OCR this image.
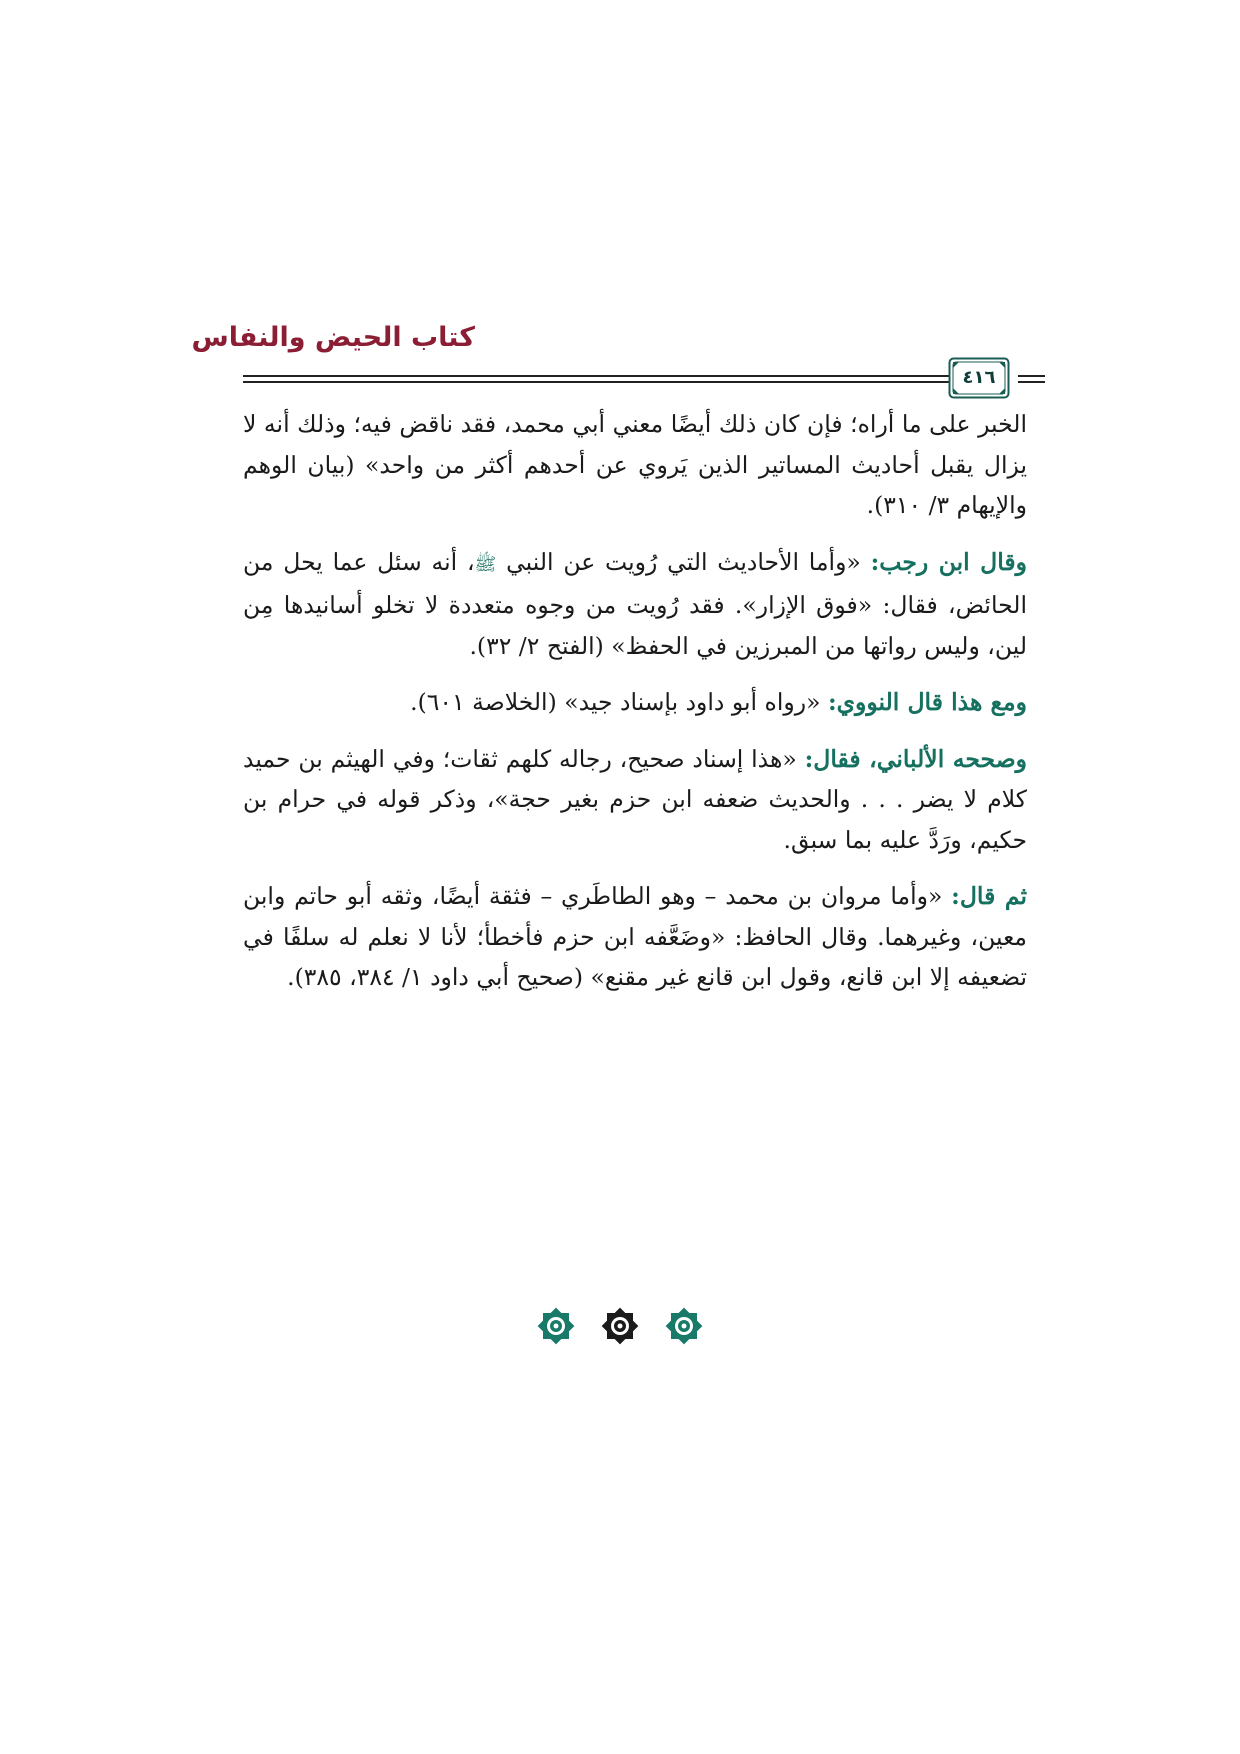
كتاب الحيض والنفاس
٤١٦

الخبر على ما أراه؛ فإن كان ذلك أيضًا معني أبي محمد، فقد ناقض فيه؛ وذلك أنه لا يزال يقبل أحاديث المساتير الذين يَروي عن أحدهم أكثر من واحد» (بيان الوهم والإيهام ٣/ ٣١٠).

وقال ابن رجب: «وأما الأحاديث التي رُويت عن النبي ﷺ، أنه سئل عما يحل من الحائض، فقال: «فوق الإزار». فقد رُويت من وجوه متعددة لا تخلو أسانيدها مِن لين، وليس رواتها من المبرزين في الحفظ» (الفتح ٢/ ٣٢).

ومع هذا قال النووي: «رواه أبو داود بإسناد جيد» (الخلاصة ٦٠١).

وصححه الألباني، فقال: «هذا إسناد صحيح، رجاله كلهم ثقات؛ وفي الهيثم بن حميد كلام لا يضر . . . والحديث ضعفه ابن حزم بغير حجة»، وذكر قوله في حرام بن حكيم، ورَدَّ عليه بما سبق.

ثم قال: «وأما مروان بن محمد – وهو الطاطَري – فثقة أيضًا، وثقه أبو حاتم وابن معين، وغيرهما. وقال الحافظ: «وضَعَّفه ابن حزم فأخطأ؛ لأنا لا نعلم له سلفًا في تضعيفه إلا ابن قانع، وقول ابن قانع غير مقنع» (صحيح أبي داود ١/ ٣٨٤، ٣٨٥).
